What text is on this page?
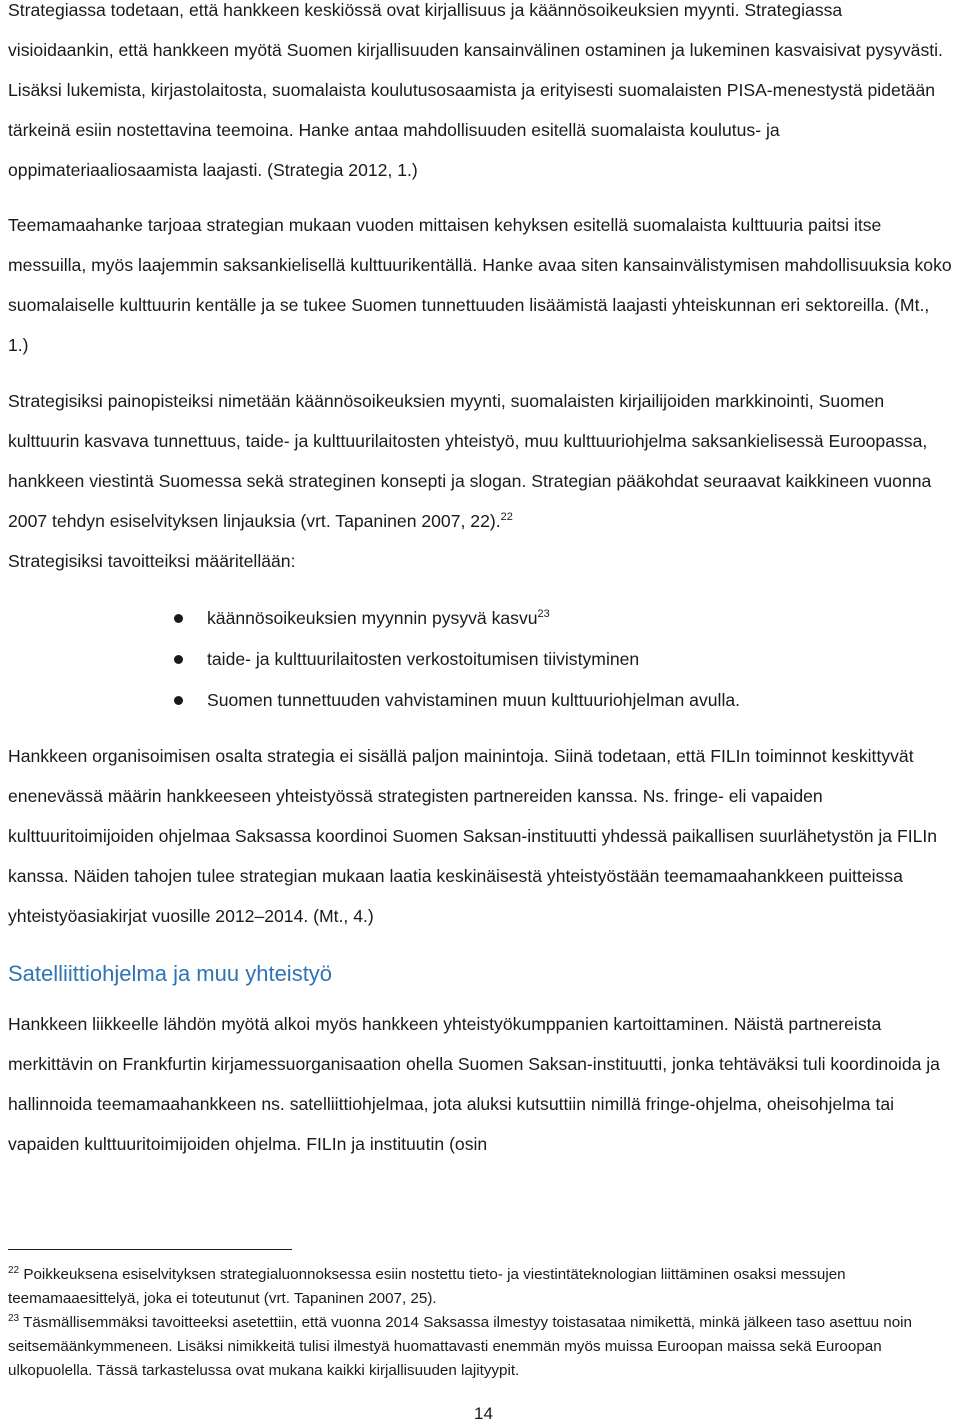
Strategiassa todetaan, että hankkeen keskiössä ovat kirjallisuus ja käännösoikeuksien myynti. Strategiassa visioidaankin, että hankkeen myötä Suomen kirjallisuuden kansainvälinen ostaminen ja lukeminen kasvaisivat pysyvästi. Lisäksi lukemista, kirjastolaitosta, suomalaista koulutusosaamista ja erityisesti suomalaisten PISA-menestystä pidetään tärkeinä esiin nostettavina teemoina. Hanke antaa mahdollisuuden esitellä suomalaista koulutus- ja oppimateriaaliosaamista laajasti. (Strategia 2012, 1.)

Teemamaahanke tarjoaa strategian mukaan vuoden mittaisen kehyksen esitellä suomalaista kulttuuria paitsi itse messuilla, myös laajemmin saksankielisellä kulttuurikentällä. Hanke avaa siten kansainvälistymisen mahdollisuuksia koko suomalaiselle kulttuurin kentälle ja se tukee Suomen tunnettuuden lisäämistä laajasti yhteiskunnan eri sektoreilla. (Mt., 1.)

Strategisiksi painopisteiksi nimetään käännösoikeuksien myynti, suomalaisten kirjailijoiden markkinointi, Suomen kulttuurin kasvava tunnettuus, taide- ja kulttuurilaitosten yhteistyö, muu kulttuuriohjelma saksankielisessä Euroopassa, hankkeen viestintä Suomessa sekä strateginen konsepti ja slogan. Strategian pääkohdat seuraavat kaikkineen vuonna 2007 tehdyn esiselvityksen linjauksia (vrt. Tapaninen 2007, 22).$^{22}$
Strategisiksi tavoitteiksi määritellään:

käännösoikeuksien myynnin pysyvä kasvu$^{23}$
taide- ja kulttuurilaitosten verkostoitumisen tiivistyminen
Suomen tunnettuuden vahvistaminen muun kulttuuriohjelman avulla.

Hankkeen organisoimisen osalta strategia ei sisällä paljon mainintoja. Siinä todetaan, että FILIn toiminnot keskittyvät enenevässä määrin hankkeeseen yhteistyössä strategisten partnereiden kanssa. Ns. fringe- eli vapaiden kulttuuritoimijoiden ohjelmaa Saksassa koordinoi Suomen Saksan-instituutti yhdessä paikallisen suurlähetystön ja FILIn kanssa. Näiden tahojen tulee strategian mukaan laatia keskinäisestä yhteistyöstään teemamaahankkeen puitteissa yhteistyöasiakirjat vuosille 2012–2014. (Mt., 4.)

Satelliittiohjelma ja muu yhteistyö

Hankkeen liikkeelle lähdön myötä alkoi myös hankkeen yhteistyökumppanien kartoittaminen. Näistä partnereista merkittävin on Frankfurtin kirjamessuorganisaation ohella Suomen Saksan-instituutti, jonka tehtäväksi tuli koordinoida ja hallinnoida teemamaahankkeen ns. satelliittiohjelmaa, jota aluksi kutsuttiin nimillä fringe-ohjelma, oheisohjelma tai vapaiden kulttuuritoimijoiden ohjelma. FILIn ja instituutin (osin

$^{22}$ Poikkeuksena esiselvityksen strategialuonnoksessa esiin nostettu tieto- ja viestintäteknologian liittäminen osaksi messujen teemamaaesittelyä, joka ei toteutunut (vrt. Tapaninen 2007, 25).

$^{23}$ Täsmällisemmäksi tavoitteeksi asetettiin, että vuonna 2014 Saksassa ilmestyy toistasataa nimikettä, minkä jälkeen taso asettuu noin seitsemäänkymmeneen. Lisäksi nimikkeitä tulisi ilmestyä huomattavasti enemmän myös muissa Euroopan maissa sekä Euroopan ulkopuolella. Tässä tarkastelussa ovat mukana kaikki kirjallisuuden lajityypit.

14
